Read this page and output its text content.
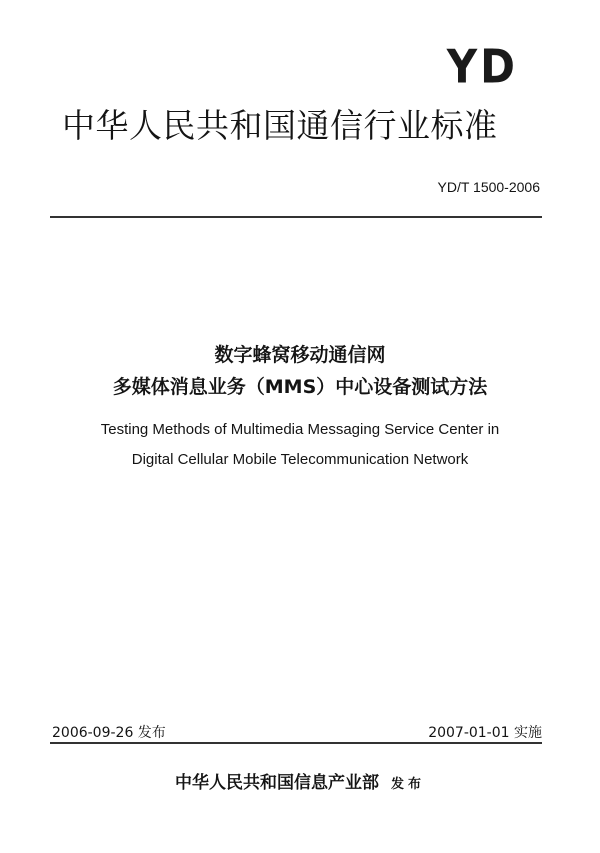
YD
中华人民共和国通信行业标准
YD/T 1500-2006
数字蜂窝移动通信网
多媒体消息业务（MMS）中心设备测试方法
Testing Methods of Multimedia Messaging Service Center in
Digital Cellular Mobile Telecommunication Network
2006-09-26 发布	2007-01-01 实施
中华人民共和国信息产业部 发布
